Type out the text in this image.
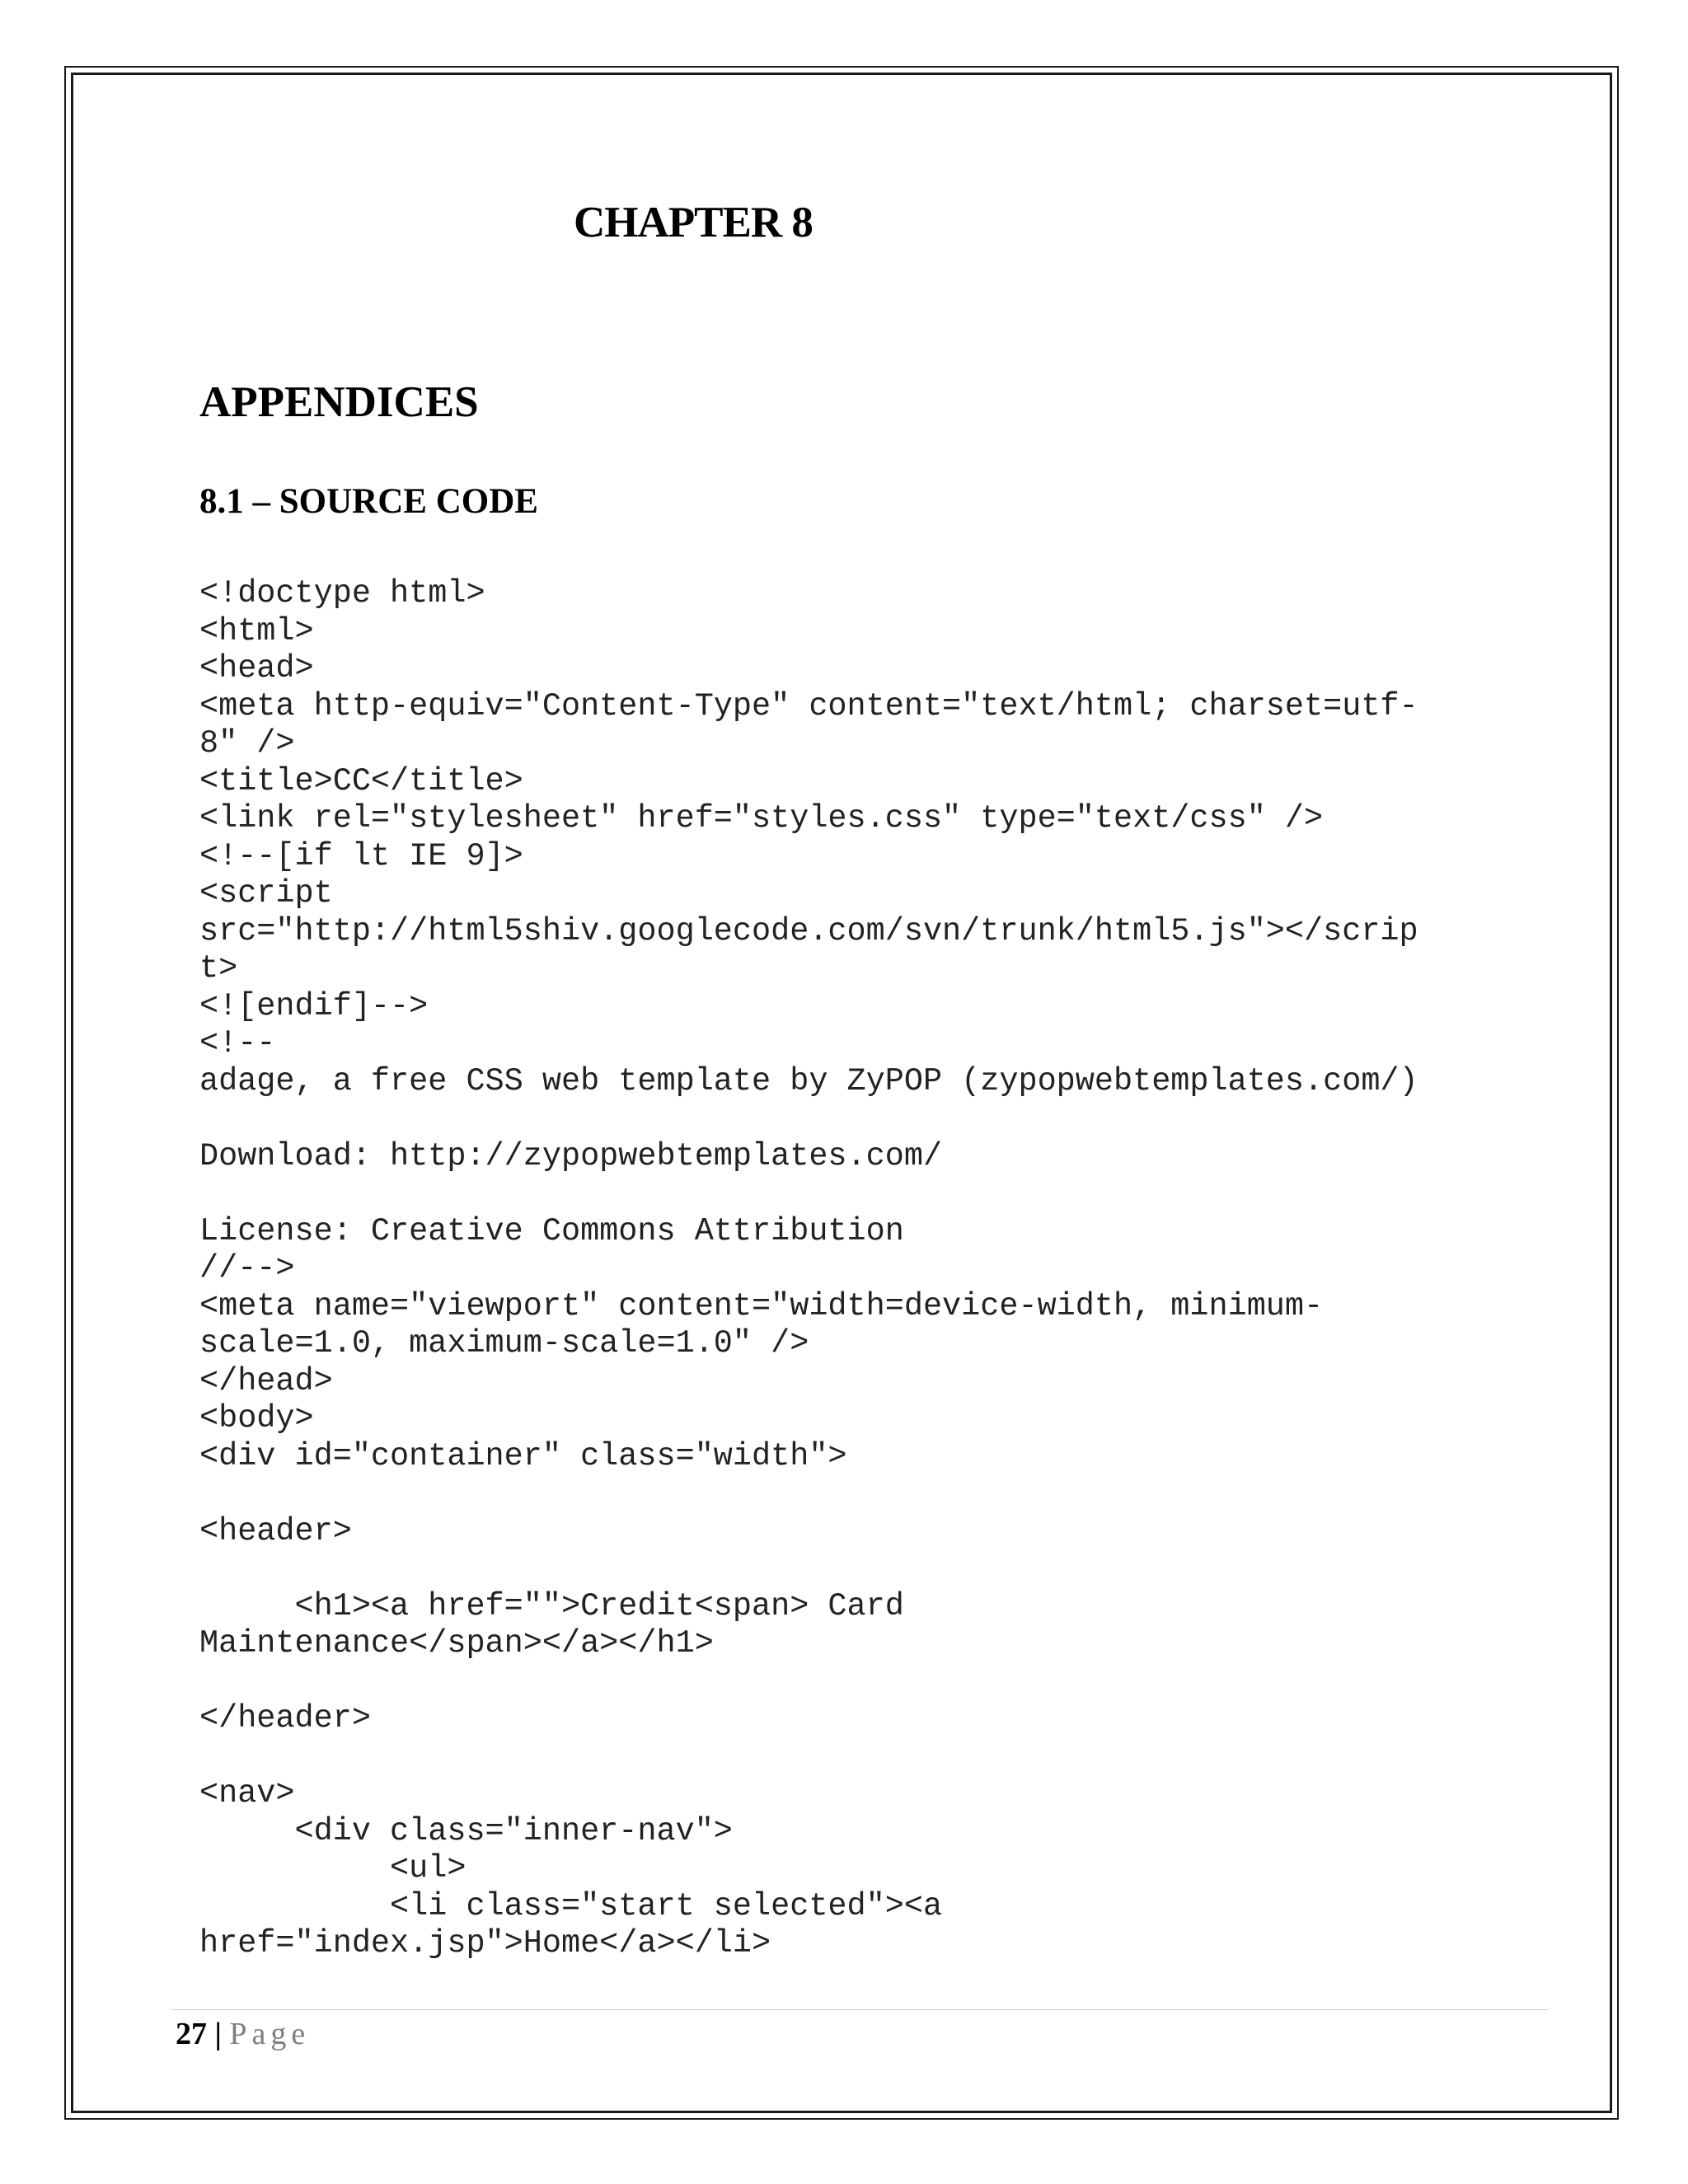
CHAPTER 8
APPENDICES
8.1 – SOURCE CODE
<!doctype html>
<html>
<head>
<meta http-equiv="Content-Type" content="text/html; charset=utf-
8" />
<title>CC</title>
<link rel="stylesheet" href="styles.css" type="text/css" />
<!--[if lt IE 9]>
<script
src="http://html5shiv.googlecode.com/svn/trunk/html5.js"></scrip
t>
<![endif]-->
<!--
adage, a free CSS web template by ZyPOP (zypopwebtemplates.com/)
Download: http://zypopwebtemplates.com/
License: Creative Commons Attribution
//-->
<meta name="viewport" content="width=device-width, minimum-
scale=1.0, maximum-scale=1.0" />
</head>
<body>
<div id="container" class="width">
<header>
<h1><a href="">Credit<span> Card
Maintenance</span></a></h1>
</header>
<nav>
<div class="inner-nav">
<ul>
<li class="start selected"><a
href="index.jsp">Home</a></li>
27 | Page
